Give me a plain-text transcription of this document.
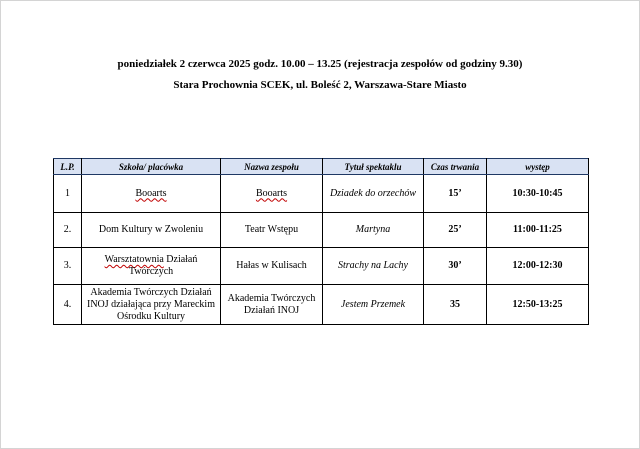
poniedziałek 2 czerwca 2025 godz. 10.00 – 13.25 (rejestracja zespołów od godziny 9.30)
Stara Prochownia SCEK, ul. Boleść 2, Warszawa-Stare Miasto
L.P.	Szkoła/ placówka	Nazwa zespołu	Tytuł spektaklu	Czas trwania	występ
1	Booarts	Booarts	Dziadek do orzechów	15’	10:30-10:45
2.	Dom Kultury w Zwoleniu	Teatr Wstępu	Martyna	25’	11:00-11:25
3.	Warsztatownia Działań Twórczych	Hałas w Kulisach	Strachy na Lachy	30’	12:00-12:30
4.	Akademia Twórczych Działań INOJ działająca przy Mareckim Ośrodku Kultury	Akademia Twórczych Działań INOJ	Jestem Przemek	35	12:50-13:25
